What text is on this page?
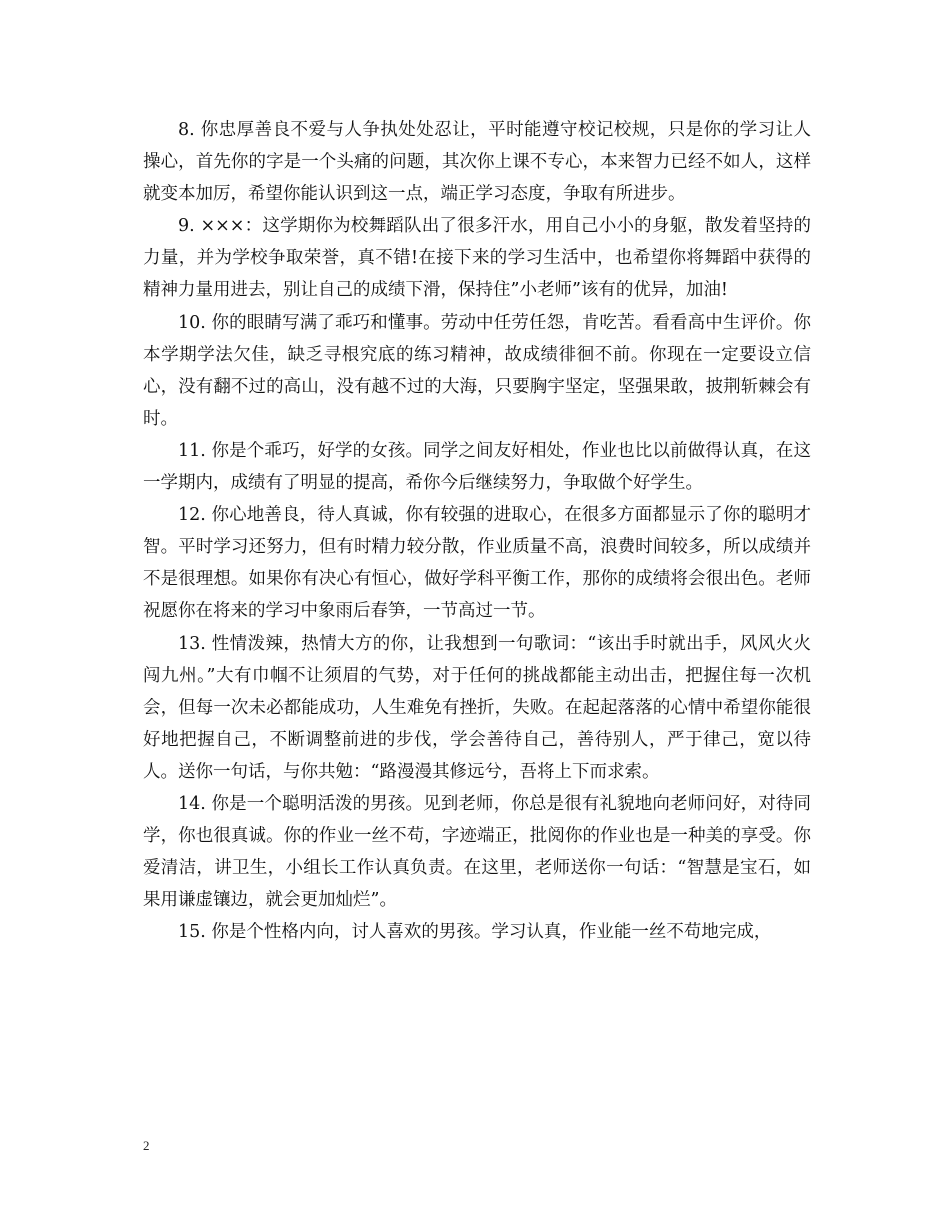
8. 你忠厚善良不爱与人争执处处忍让，平时能遵守校记校规，只是你的学习让人操心，首先你的字是一个头痛的问题，其次你上课不专心，本来智力已经不如人，这样就变本加厉，希望你能认识到这一点，端正学习态度，争取有所进步。

9. ×××：这学期你为校舞蹈队出了很多汗水，用自己小小的身躯，散发着坚持的力量，并为学校争取荣誉，真不错!在接下来的学习生活中，也希望你将舞蹈中获得的精神力量用进去，别让自己的成绩下滑，保持住”小老师”该有的优异，加油!

10. 你的眼睛写满了乖巧和懂事。劳动中任劳任怨，肯吃苦。看看高中生评价。你本学期学法欠佳，缺乏寻根究底的练习精神，故成绩徘徊不前。你现在一定要设立信心，没有翻不过的高山，没有越不过的大海，只要胸宇坚定，坚强果敢，披荆斩棘会有时。

11. 你是个乖巧，好学的女孩。同学之间友好相处，作业也比以前做得认真，在这一学期内，成绩有了明显的提高，希你今后继续努力，争取做个好学生。

12. 你心地善良，待人真诚，你有较强的进取心，在很多方面都显示了你的聪明才智。平时学习还努力，但有时精力较分散，作业质量不高，浪费时间较多，所以成绩并不是很理想。如果你有决心有恒心，做好学科平衡工作，那你的成绩将会很出色。老师祝愿你在将来的学习中象雨后春笋，一节高过一节。

13. 性情泼辣，热情大方的你，让我想到一句歌词：“该出手时就出手，风风火火闯九州。”大有巾帼不让须眉的气势，对于任何的挑战都能主动出击，把握住每一次机会，但每一次未必都能成功，人生难免有挫折，失败。在起起落落的心情中希望你能很好地把握自己，不断调整前进的步伐，学会善待自己，善待别人，严于律己，宽以待人。送你一句话，与你共勉：“路漫漫其修远兮，吾将上下而求索。

14. 你是一个聪明活泼的男孩。见到老师，你总是很有礼貌地向老师问好，对待同学，你也很真诚。你的作业一丝不苟，字迹端正，批阅你的作业也是一种美的享受。你爱清洁，讲卫生，小组长工作认真负责。在这里，老师送你一句话：“智慧是宝石，如果用谦虚镶边，就会更加灿烂”。

15. 你是个性格内向，讨人喜欢的男孩。学习认真，作业能一丝不苟地完成，

2
